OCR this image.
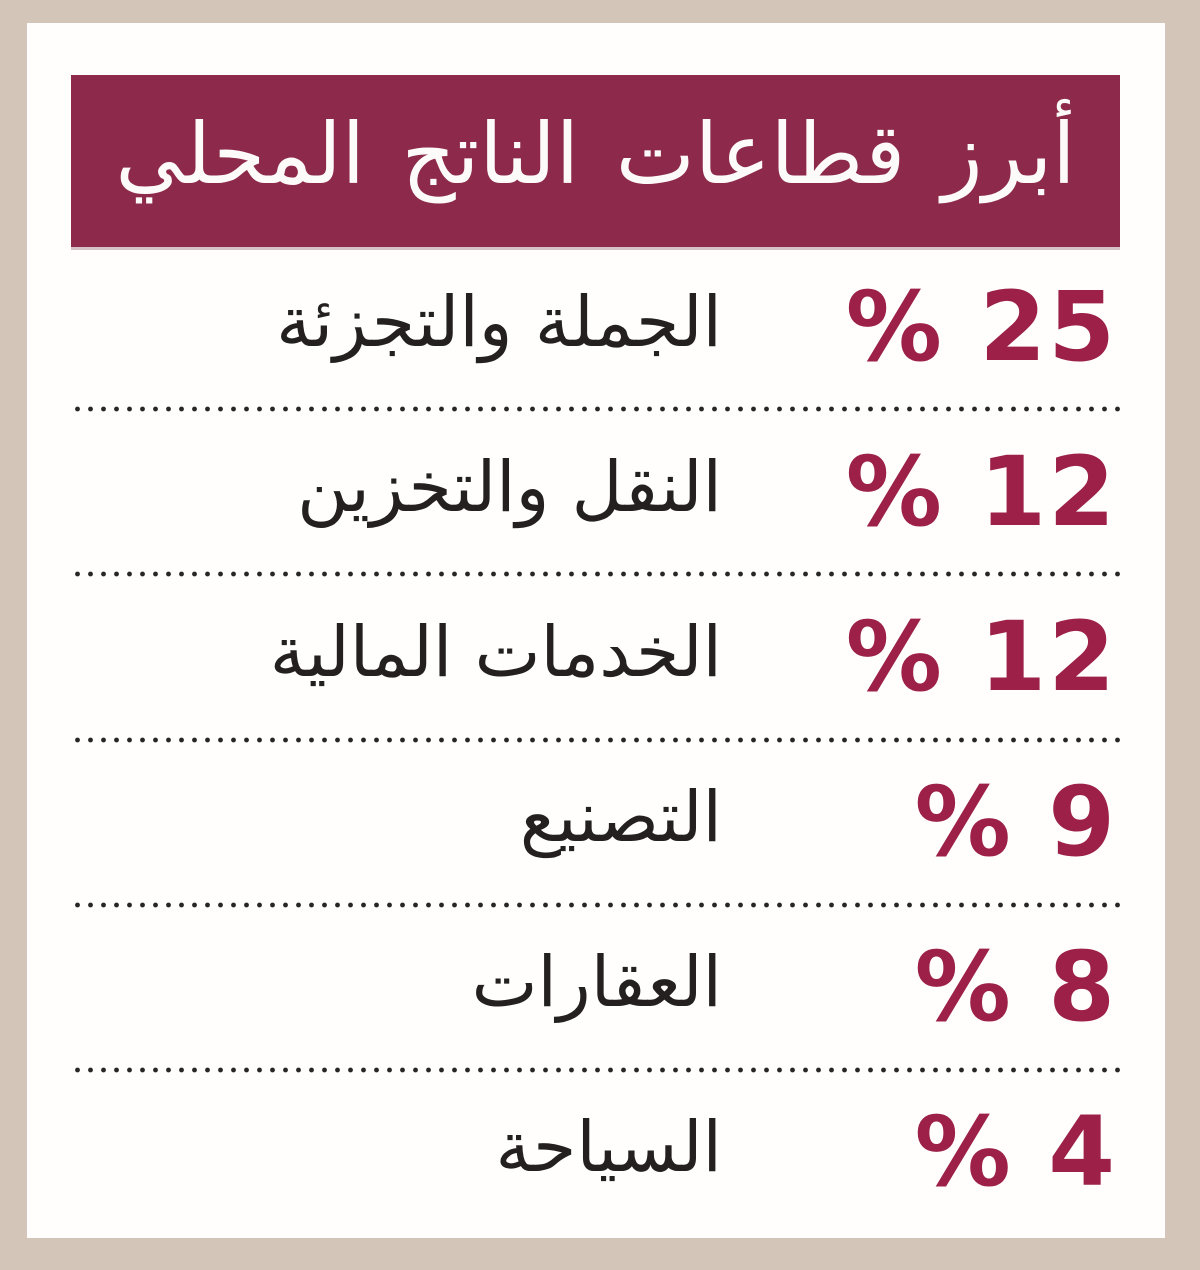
أبرز قطاعات الناتج المحلي
الجملة والتجزئة	% 25
النقل والتخزين	% 12
الخدمات المالية	% 12
التصنيع	% 9
العقارات	% 8
السياحة	% 4
